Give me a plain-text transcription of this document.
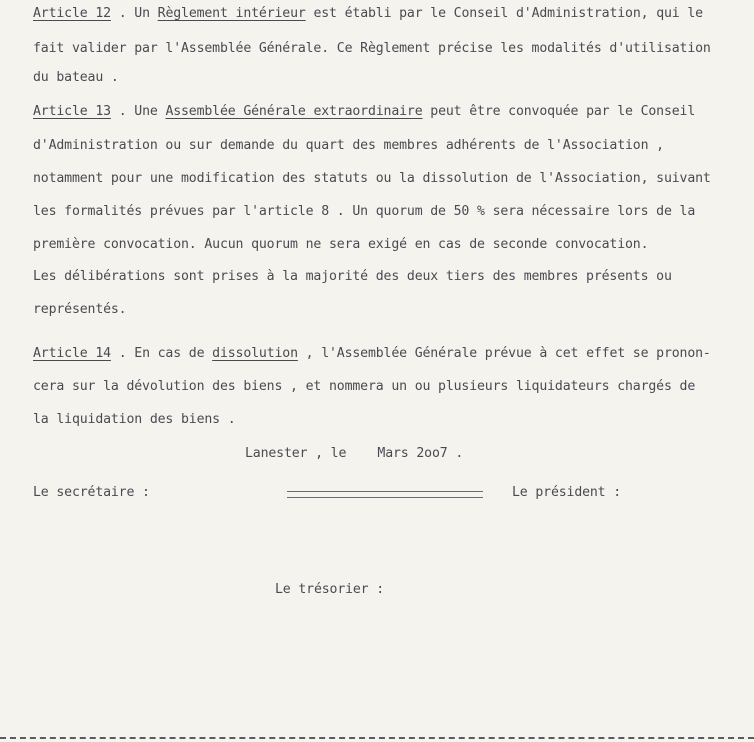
Article 12 . Un Règlement intérieur est établi par le Conseil d'Administration, qui le
fait valider par l'Assemblée Générale. Ce Règlement précise les modalités d'utilisation
du bateau .
Article 13 . Une Assemblée Générale extraordinaire peut être convoquée par le Conseil
d'Administration ou sur demande du quart des membres adhérents de l'Association ,
notamment pour une modification des statuts ou la dissolution de l'Association, suivant
les formalités prévues par l'article 8 . Un quorum de 50 % sera nécessaire lors de la
première convocation. Aucun quorum ne sera exigé en cas de seconde convocation.
Les délibérations sont prises à la majorité des deux tiers des membres présents ou
représentés.
Article 14 . En cas de dissolution , l'Assemblée Générale prévue à cet effet se pronon-
cera sur la dévolution des biens , et nommera un ou plusieurs liquidateurs chargés de
la liquidation des biens .
Lanester , le    Mars 2oo7 .
Le secrétaire :	Le président :
Le trésorier :
